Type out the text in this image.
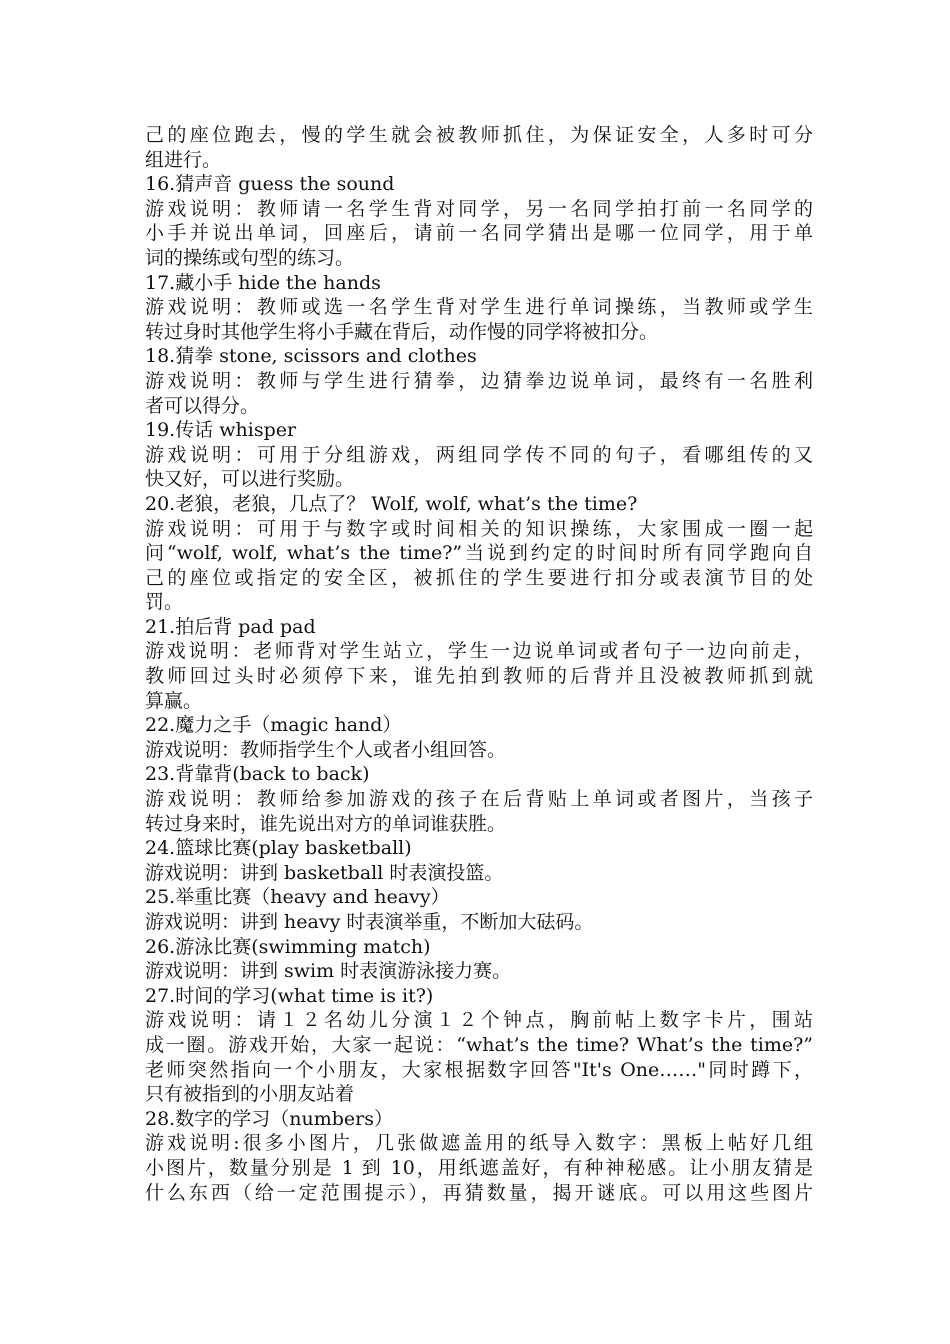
己的座位跑去，慢的学生就会被教师抓住，为保证安全，人多时可分

组进行。

16.猜声音 guess the sound

游戏说明：教师请一名学生背对同学，另一名同学拍打前一名同学的

小手并说出单词，回座后，请前一名同学猜出是哪一位同学，用于单

词的操练或句型的练习。

17.藏小手 hide the hands

游戏说明：教师或选一名学生背对学生进行单词操练，当教师或学生

转过身时其他学生将小手藏在背后，动作慢的同学将被扣分。

18.猜拳 stone, scissors and clothes

游戏说明：教师与学生进行猜拳，边猜拳边说单词，最终有一名胜利

者可以得分。

19.传话 whisper

游戏说明：可用于分组游戏，两组同学传不同的句子，看哪组传的又

快又好，可以进行奖励。

20.老狼，老狼，几点了？ Wolf, wolf, what’s the time?

游戏说明：可用于与数字或时间相关的知识操练，大家围成一圈一起

问“wolf, wolf, what’s the time?”当说到约定的时间时所有同学跑向自

己的座位或指定的安全区，被抓住的学生要进行扣分或表演节目的处

罚。

21.拍后背 pad pad

游戏说明：老师背对学生站立，学生一边说单词或者句子一边向前走，

教师回过头时必须停下来，谁先拍到教师的后背并且没被教师抓到就

算赢。

22.魔力之手（magic hand）

游戏说明：教师指学生个人或者小组回答。

23.背靠背(back to back)

游戏说明：教师给参加游戏的孩子在后背贴上单词或者图片，当孩子

转过身来时，谁先说出对方的单词谁获胜。

24.篮球比赛(play basketball)

游戏说明：讲到 basketball 时表演投篮。

25.举重比赛（heavy and heavy）

游戏说明：讲到 heavy 时表演举重，不断加大砝码。

26.游泳比赛(swimming match)

游戏说明：讲到 swim 时表演游泳接力赛。

27.时间的学习(what time is it?)

游戏说明：请１２名幼儿分演１２个钟点，胸前帖上数字卡片，围站

成一圈。游戏开始，大家一起说：“what’s the time? What’s the time?”

老师突然指向一个小朋友，大家根据数字回答"It's One……"同时蹲下，

只有被指到的小朋友站着

28.数字的学习（numbers）

游戏说明:很多小图片，几张做遮盖用的纸导入数字：黑板上帖好几组

小图片，数量分别是 1 到 10，用纸遮盖好，有种神秘感。让小朋友猜是

什么东西（给一定范围提示），再猜数量，揭开谜底。可以用这些图片
